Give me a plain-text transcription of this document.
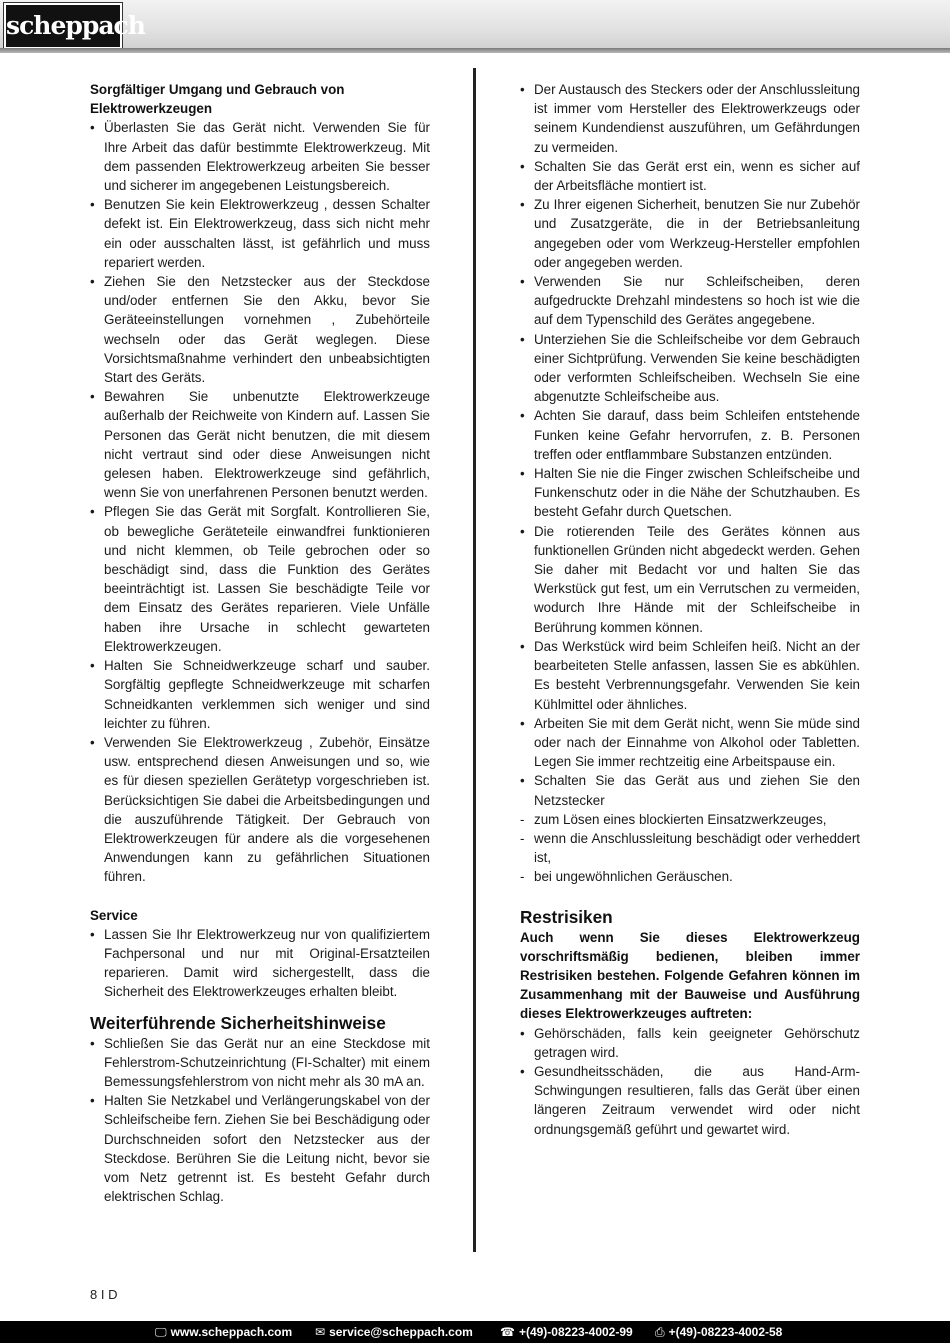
scheppach
Sorgfältiger Umgang und Gebrauch von Elektrowerkzeugen
• Überlasten Sie das Gerät nicht. Verwenden Sie für Ihre Arbeit das dafür bestimmte Elektrowerkzeug. Mit dem passenden Elektrowerkzeug arbeiten Sie besser und sicherer im angegebenen Leistungsbereich.
• Benutzen Sie kein Elektrowerkzeug , dessen Schalter defekt ist. Ein Elektrowerkzeug, dass sich nicht mehr ein oder ausschalten lässt, ist gefährlich und muss repariert werden.
• Ziehen Sie den Netzstecker aus der Steckdose und/oder entfernen Sie den Akku, bevor Sie Geräteeinstellungen vornehmen , Zubehörteile wechseln oder das Gerät weglegen. Diese Vorsichtsmaßnahme verhindert den unbeabsichtigten Start des Geräts.
• Bewahren Sie unbenutzte Elektrowerkzeuge außerhalb der Reichweite von Kindern auf. Lassen Sie Personen das Gerät nicht benutzen, die mit diesem nicht vertraut sind oder diese Anweisungen nicht gelesen haben. Elektrowerkzeuge sind gefährlich, wenn Sie von unerfahrenen Personen benutzt werden.
• Pflegen Sie das Gerät mit Sorgfalt. Kontrollieren Sie, ob bewegliche Geräteteile einwandfrei funktionieren und nicht klemmen, ob Teile gebrochen oder so beschädigt sind, dass die Funktion des Gerätes beeinträchtigt ist. Lassen Sie beschädigte Teile vor dem Einsatz des Gerätes reparieren. Viele Unfälle haben ihre Ursache in schlecht gewarteten Elektrowerkzeugen.
• Halten Sie Schneidwerkzeuge scharf und sauber. Sorgfältig gepflegte Schneidwerkzeuge mit scharfen Schneidkanten verklemmen sich weniger und sind leichter zu führen.
• Verwenden Sie Elektrowerkzeug , Zubehör, Einsätze usw. entsprechend diesen Anweisungen und so, wie es für diesen speziellen Gerätetyp vorgeschrieben ist. Berücksichtigen Sie dabei die Arbeitsbedingungen und die auszuführende Tätigkeit. Der Gebrauch von Elektrowerkzeugen für andere als die vorgesehenen Anwendungen kann zu gefährlichen Situationen führen.
Service
• Lassen Sie Ihr Elektrowerkzeug nur von qualifiziertem Fachpersonal und nur mit Original-Ersatzteilen reparieren. Damit wird sichergestellt, dass die Sicherheit des Elektrowerkzeuges erhalten bleibt.
Weiterführende Sicherheitshinweise
• Schließen Sie das Gerät nur an eine Steckdose mit Fehlerstrom-Schutzeinrichtung (FI-Schalter) mit einem Bemessungsfehlerstrom von nicht mehr als 30 mA an.
• Halten Sie Netzkabel und Verlängerungskabel von der Schleifscheibe fern. Ziehen Sie bei Beschädigung oder Durchschneiden sofort den Netzstecker aus der Steckdose. Berühren Sie die Leitung nicht, bevor sie vom Netz getrennt ist. Es besteht Gefahr durch elektrischen Schlag.
• Der Austausch des Steckers oder der Anschlussleitung ist immer vom Hersteller des Elektrowerkzeugs oder seinem Kundendienst auszuführen, um Gefährdungen zu vermeiden.
• Schalten Sie das Gerät erst ein, wenn es sicher auf der Arbeitsfläche montiert ist.
• Zu Ihrer eigenen Sicherheit, benutzen Sie nur Zubehör und Zusatzgeräte, die in der Betriebsanleitung angegeben oder vom Werkzeug-Hersteller empfohlen oder angegeben werden.
• Verwenden Sie nur Schleifscheiben, deren aufgedruckte Drehzahl mindestens so hoch ist wie die auf dem Typenschild des Gerätes angegebene.
• Unterziehen Sie die Schleifscheibe vor dem Gebrauch einer Sichtprüfung. Verwenden Sie keine beschädigten oder verformten Schleifscheiben. Wechseln Sie eine abgenutzte Schleifscheibe aus.
• Achten Sie darauf, dass beim Schleifen entstehende Funken keine Gefahr hervorrufen, z. B. Personen treffen oder entflammbare Substanzen entzünden.
• Halten Sie nie die Finger zwischen Schleifscheibe und Funkenschutz oder in die Nähe der Schutzhauben. Es besteht Gefahr durch Quetschen.
• Die rotierenden Teile des Gerätes können aus funktionellen Gründen nicht abgedeckt werden. Gehen Sie daher mit Bedacht vor und halten Sie das Werkstück gut fest, um ein Verrutschen zu vermeiden, wodurch Ihre Hände mit der Schleifscheibe in Berührung kommen können.
• Das Werkstück wird beim Schleifen heiß. Nicht an der bearbeiteten Stelle anfassen, lassen Sie es abkühlen. Es besteht Verbrennungsgefahr. Verwenden Sie kein Kühlmittel oder ähnliches.
• Arbeiten Sie mit dem Gerät nicht, wenn Sie müde sind oder nach der Einnahme von Alkohol oder Tabletten. Legen Sie immer rechtzeitig eine Arbeitspause ein.
• Schalten Sie das Gerät aus und ziehen Sie den Netzstecker
- zum Lösen eines blockierten Einsatzwerkzeuges,
- wenn die Anschlussleitung beschädigt oder verheddert ist,
- bei ungewöhnlichen Geräuschen.
Restrisiken

Auch wenn Sie dieses Elektrowerkzeug vorschriftsmäßig bedienen, bleiben immer Restrisiken bestehen. Folgende Gefahren können im Zusammenhang mit der Bauweise und Ausführung dieses Elektrowerkzeuges auftreten:

• Gehörschäden, falls kein geeigneter Gehörschutz getragen wird.
• Gesundheitsschäden, die aus Hand-Arm- Schwingungen resultieren, falls das Gerät über einen längeren Zeitraum verwendet wird oder nicht ordnungsgemäß geführt und gewartet wird.
8 I D
🖵 www.scheppach.com ✉ service@scheppach.com ☎ +(49)-08223-4002-99 ⎙ +(49)-08223-4002-58
